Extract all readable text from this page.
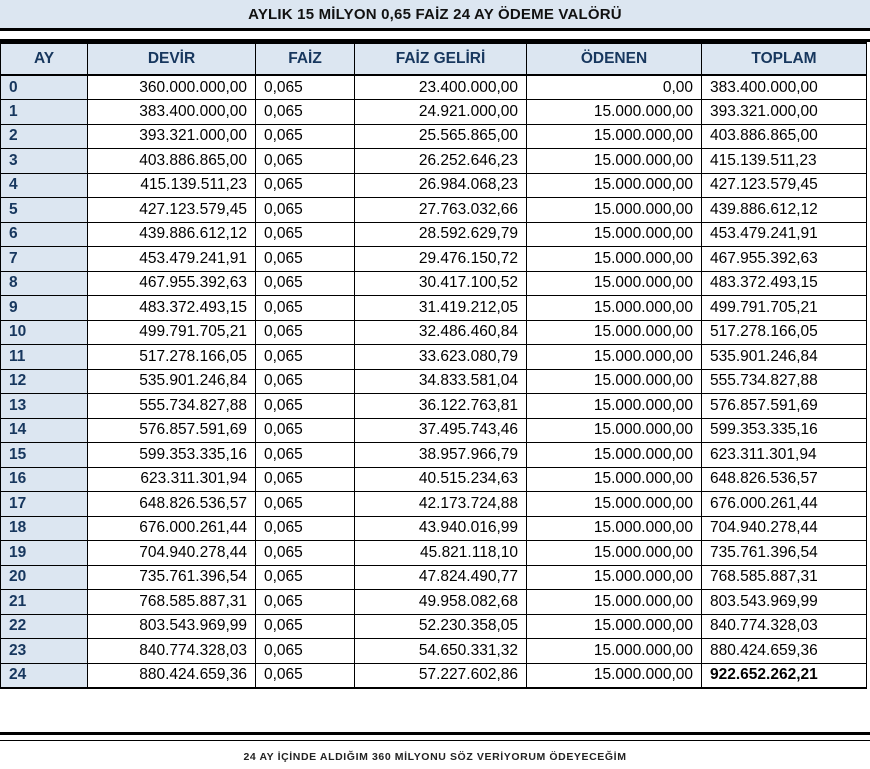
AYLIK 15 MİLYON 0,65 FAİZ 24 AY ÖDEME VALÖRÜ
AY	DEVİR	FAİZ	FAİZ GELİRİ	ÖDENEN	TOPLAM
0	360.000.000,00	0,065	23.400.000,00	0,00	383.400.000,00
1	383.400.000,00	0,065	24.921.000,00	15.000.000,00	393.321.000,00
2	393.321.000,00	0,065	25.565.865,00	15.000.000,00	403.886.865,00
3	403.886.865,00	0,065	26.252.646,23	15.000.000,00	415.139.511,23
4	415.139.511,23	0,065	26.984.068,23	15.000.000,00	427.123.579,45
5	427.123.579,45	0,065	27.763.032,66	15.000.000,00	439.886.612,12
6	439.886.612,12	0,065	28.592.629,79	15.000.000,00	453.479.241,91
7	453.479.241,91	0,065	29.476.150,72	15.000.000,00	467.955.392,63
8	467.955.392,63	0,065	30.417.100,52	15.000.000,00	483.372.493,15
9	483.372.493,15	0,065	31.419.212,05	15.000.000,00	499.791.705,21
10	499.791.705,21	0,065	32.486.460,84	15.000.000,00	517.278.166,05
11	517.278.166,05	0,065	33.623.080,79	15.000.000,00	535.901.246,84
12	535.901.246,84	0,065	34.833.581,04	15.000.000,00	555.734.827,88
13	555.734.827,88	0,065	36.122.763,81	15.000.000,00	576.857.591,69
14	576.857.591,69	0,065	37.495.743,46	15.000.000,00	599.353.335,16
15	599.353.335,16	0,065	38.957.966,79	15.000.000,00	623.311.301,94
16	623.311.301,94	0,065	40.515.234,63	15.000.000,00	648.826.536,57
17	648.826.536,57	0,065	42.173.724,88	15.000.000,00	676.000.261,44
18	676.000.261,44	0,065	43.940.016,99	15.000.000,00	704.940.278,44
19	704.940.278,44	0,065	45.821.118,10	15.000.000,00	735.761.396,54
20	735.761.396,54	0,065	47.824.490,77	15.000.000,00	768.585.887,31
21	768.585.887,31	0,065	49.958.082,68	15.000.000,00	803.543.969,99
22	803.543.969,99	0,065	52.230.358,05	15.000.000,00	840.774.328,03
23	840.774.328,03	0,065	54.650.331,32	15.000.000,00	880.424.659,36
24	880.424.659,36	0,065	57.227.602,86	15.000.000,00	922.652.262,21
24 AY İÇİNDE ALDIĞIM 360 MİLYONU SÖZ VERİYORUM ÖDEYECEĞİM
